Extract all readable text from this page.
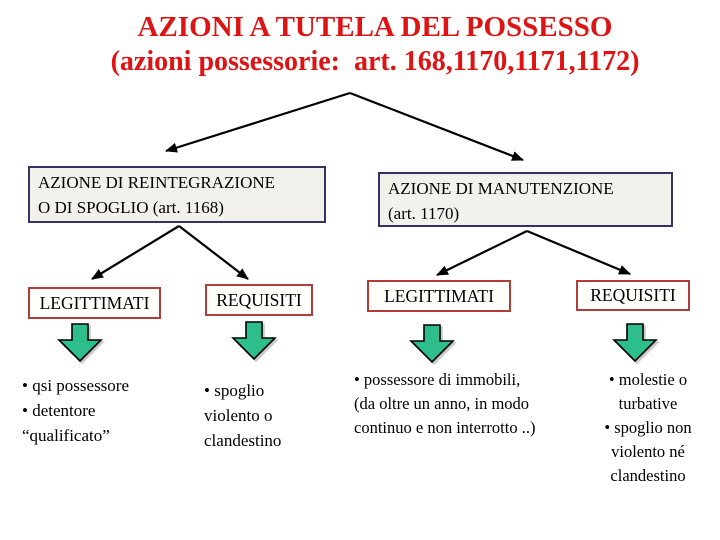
AZIONI A TUTELA DEL POSSESSO
(azioni possessorie:  art. 168,1170,1171,1172)
AZIONE DI REINTEGRAZIONE
O DI SPOGLIO (art. 1168)
AZIONE DI MANUTENZIONE
(art. 1170)
LEGITTIMATI	REQUISITI	LEGITTIMATI	REQUISITI
• qsi possessore
• detentore
“qualificato”
• spoglio
violento o
clandestino
• possessore di immobili,
(da oltre un anno, in modo
continuo e non interrotto ..)
• molestie o
turbative
• spoglio non
violento né
clandestino
